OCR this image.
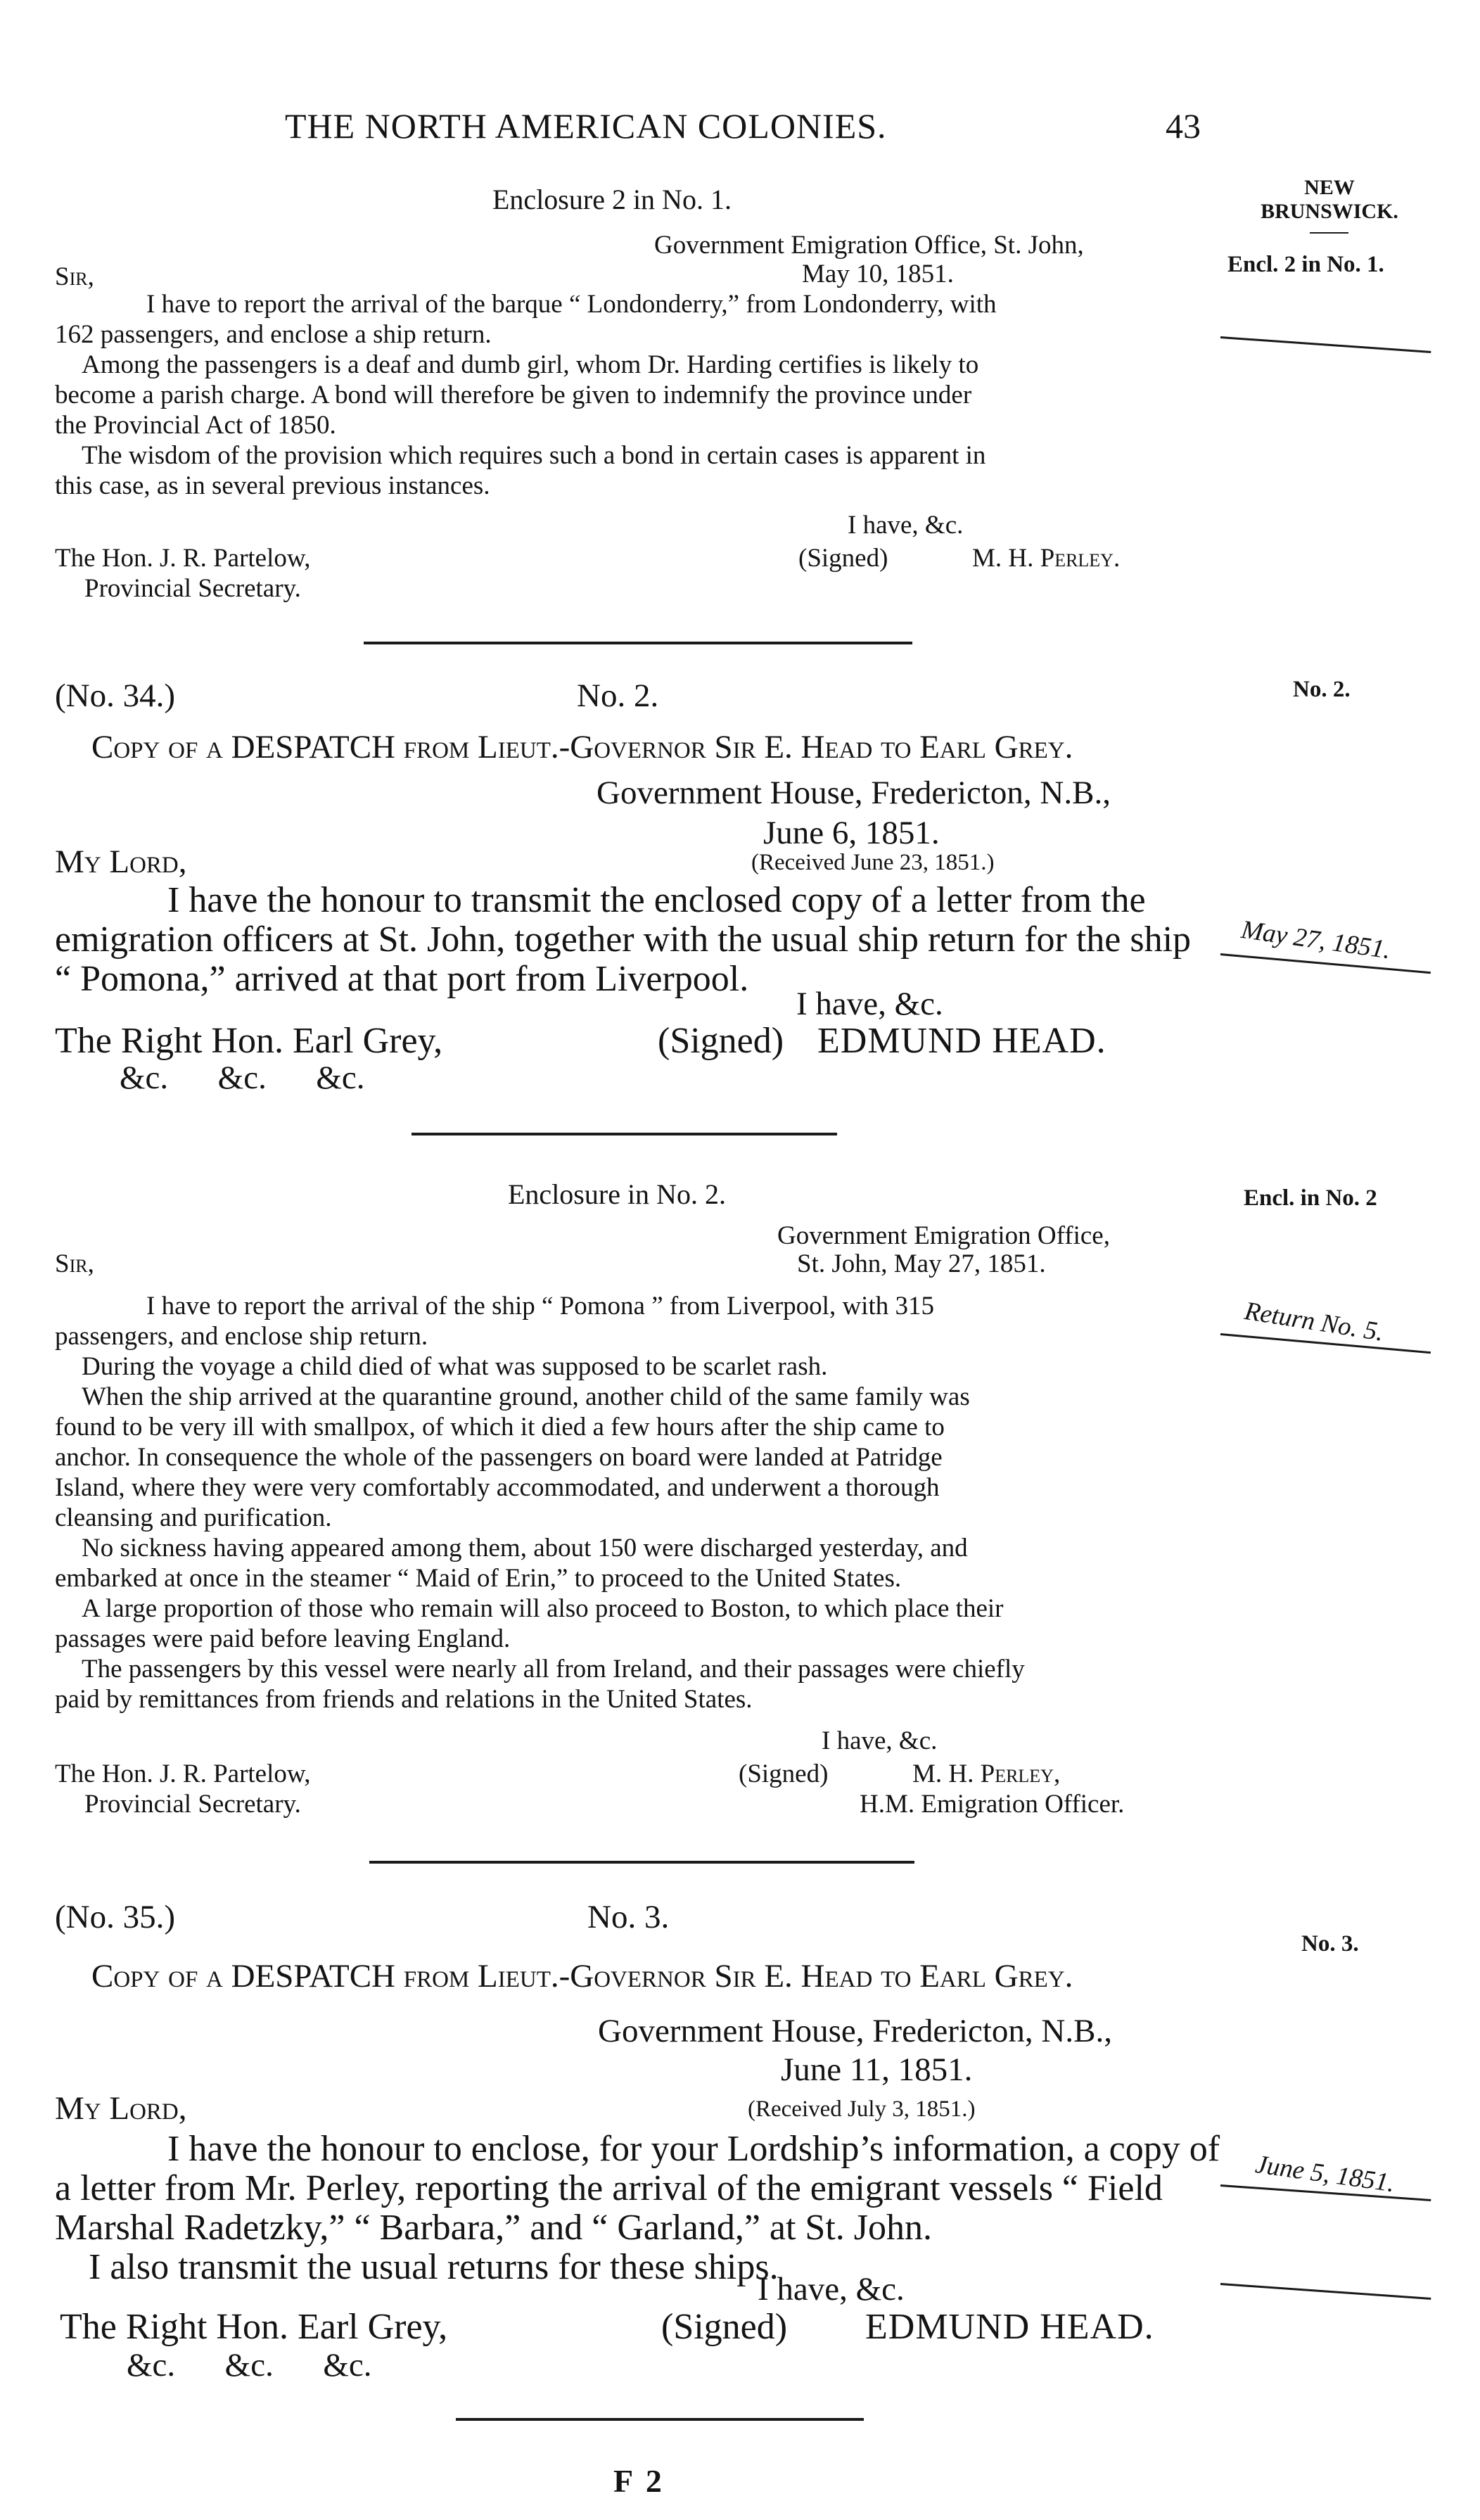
THE NORTH AMERICAN COLONIES.	43
NEW
BRUNSWICK.
Encl. 2 in No. 1.
No. 2.
May 27, 1851.
Encl. in No. 2
Return No. 5.
No. 3.
June 5, 1851.
Enclosure 2 in No. 1.
Government Emigration Office, St. John,
Sir,	May 10, 1851.
I have to report the arrival of the barque “ Londonderry,” from Londonderry, with
162 passengers, and enclose a ship return.
Among the passengers is a deaf and dumb girl, whom Dr. Harding certifies is likely to
become a parish charge. A bond will therefore be given to indemnify the province under
the Provincial Act of 1850.
The wisdom of the provision which requires such a bond in certain cases is apparent in
this case, as in several previous instances.
I have, &c.
The Hon. J. R. Partelow,	(Signed)	M. H. Perley.
Provincial Secretary.
(No. 34.)	No. 2.
Copy of a DESPATCH from Lieut.-Governor Sir E. Head to Earl Grey.
Government House, Fredericton, N.B.,
June 6, 1851.
My Lord,	(Received June 23, 1851.)
I have the honour to transmit the enclosed copy of a letter from the
emigration officers at St. John, together with the usual ship return for the ship
“ Pomona,” arrived at that port from Liverpool.
I have, &c.
The Right Hon. Earl Grey,	(Signed) EDMUND HEAD.
&c.      &c.      &c.
Enclosure in No. 2.
Government Emigration Office,
Sir,	St. John, May 27, 1851.
I have to report the arrival of the ship “ Pomona ” from Liverpool, with 315
passengers, and enclose ship return.
During the voyage a child died of what was supposed to be scarlet rash.
When the ship arrived at the quarantine ground, another child of the same family was
found to be very ill with smallpox, of which it died a few hours after the ship came to
anchor. In consequence the whole of the passengers on board were landed at Patridge
Island, where they were very comfortably accommodated, and underwent a thorough
cleansing and purification.
No sickness having appeared among them, about 150 were discharged yesterday, and
embarked at once in the steamer “ Maid of Erin,” to proceed to the United States.
A large proportion of those who remain will also proceed to Boston, to which place their
passages were paid before leaving England.
The passengers by this vessel were nearly all from Ireland, and their passages were chiefly
paid by remittances from friends and relations in the United States.
I have, &c.
The Hon. J. R. Partelow,	(Signed)	M. H. Perley,
Provincial Secretary.	H.M. Emigration Officer.
(No. 35.)	No. 3.
Copy of a DESPATCH from Lieut.-Governor Sir E. Head to Earl Grey.
Government House, Fredericton, N.B.,
June 11, 1851.
My Lord,	(Received July 3, 1851.)
I have the honour to enclose, for your Lordship’s information, a copy of
a letter from Mr. Perley, reporting the arrival of the emigrant vessels “ Field
Marshal Radetzky,” “ Barbara,” and “ Garland,” at St. John.
I also transmit the usual returns for these ships.
I have, &c.
The Right Hon. Earl Grey,	(Signed) EDMUND HEAD.
&c.      &c.      &c.
F 2
